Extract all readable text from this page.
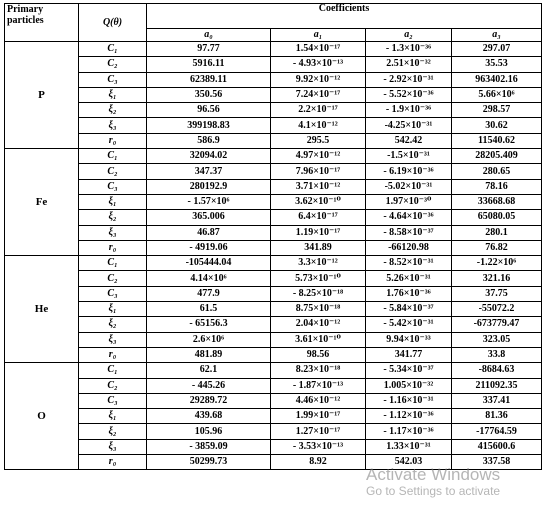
Primary particles	Q(θ)	Coefficients			
		a₀	a₁	a₂	a₃
P	C₁	97.77	1.54×10⁻¹⁷	- 1.3×10⁻³⁶	297.07
	C₂	5916.11	- 4.93×10⁻¹³	2.51×10⁻³²	35.53
	C₃	62389.11	9.92×10⁻¹²	- 2.92×10⁻³¹	963402.16
	ξ₁	350.56	7.24×10⁻¹⁷	- 5.52×10⁻³⁶	5.66×10⁶
	ξ₂	96.56	2.2×10⁻¹⁷	- 1.9×10⁻³⁶	298.57
	ξ₃	399198.83	4.1×10⁻¹²	-4.25×10⁻³¹	30.62
	r₀	586.9	295.5	542.42	11540.62
Fe	C₁	32094.02	4.97×10⁻¹²	-1.5×10⁻³¹	28205.409
	C₂	347.37	7.96×10⁻¹⁷	- 6.19×10⁻³⁶	280.65
	C₃	280192.9	3.71×10⁻¹²	-5.02×10⁻³¹	78.16
	ξ₁	- 1.57×10⁶	3.62×10⁻¹⁰	1.97×10⁻³⁰	33668.68
	ξ₂	365.006	6.4×10⁻¹⁷	- 4.64×10⁻³⁶	65080.05
	ξ₃	46.87	1.19×10⁻¹⁷	- 8.58×10⁻³⁷	280.1
	r₀	- 4919.06	341.89	-66120.98	76.82
He	C₁	-105444.04	3.3×10⁻¹²	- 8.52×10⁻³¹	-1.22×10⁶
	C₂	4.14×10⁶	5.73×10⁻¹⁰	5.26×10⁻³¹	321.16
	C₃	477.9	- 8.25×10⁻¹⁸	1.76×10⁻³⁶	37.75
	ξ₁	61.5	8.75×10⁻¹⁸	- 5.84×10⁻³⁷	-55072.2
	ξ₂	- 65156.3	2.04×10⁻¹²	- 5.42×10⁻³¹	-673779.47
	ξ₃	2.6×10⁶	3.61×10⁻¹⁰	9.94×10⁻³³	323.05
	r₀	481.89	98.56	341.77	33.8
O	C₁	62.1	8.23×10⁻¹⁸	- 5.34×10⁻³⁷	-8684.63
	C₂	- 445.26	- 1.87×10⁻¹³	1.005×10⁻³²	211092.35
	C₃	29289.72	4.46×10⁻¹²	- 1.16×10⁻³¹	337.41
	ξ₁	439.68	1.99×10⁻¹⁷	- 1.12×10⁻³⁶	81.36
	ξ₂	105.96	1.27×10⁻¹⁷	- 1.17×10⁻³⁶	-17764.59
	ξ₃	- 3859.09	- 3.53×10⁻¹³	1.33×10⁻³¹	415600.6
	r₀	50299.73	8.92	542.03	337.58
Activate Windows
Go to Settings to activate
